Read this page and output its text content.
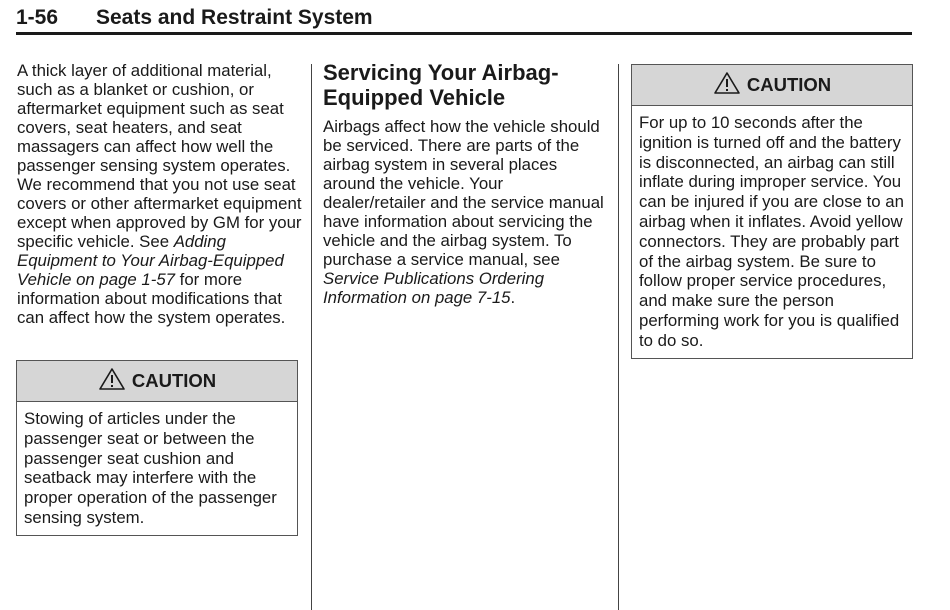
1-56 Seats and Restraint System

A thick layer of additional material, such as a blanket or cushion, or aftermarket equipment such as seat covers, seat heaters, and seat massagers can affect how well the passenger sensing system operates. We recommend that you not use seat covers or other aftermarket equipment except when approved by GM for your specific vehicle. See Adding Equipment to Your Airbag-Equipped Vehicle on page 1-57 for more information about modifications that can affect how the system operates.

CAUTION
Stowing of articles under the passenger seat or between the passenger seat cushion and seatback may interfere with the proper operation of the passenger sensing system.
Servicing Your Airbag-Equipped Vehicle

Airbags affect how the vehicle should be serviced. There are parts of the airbag system in several places around the vehicle. Your dealer/retailer and the service manual have information about servicing the vehicle and the airbag system. To purchase a service manual, see Service Publications Ordering Information on page 7-15.

CAUTION
For up to 10 seconds after the ignition is turned off and the battery is disconnected, an airbag can still inflate during improper service. You can be injured if you are close to an airbag when it inflates. Avoid yellow connectors. They are probably part of the airbag system. Be sure to follow proper service procedures, and make sure the person performing work for you is qualified to do so.
